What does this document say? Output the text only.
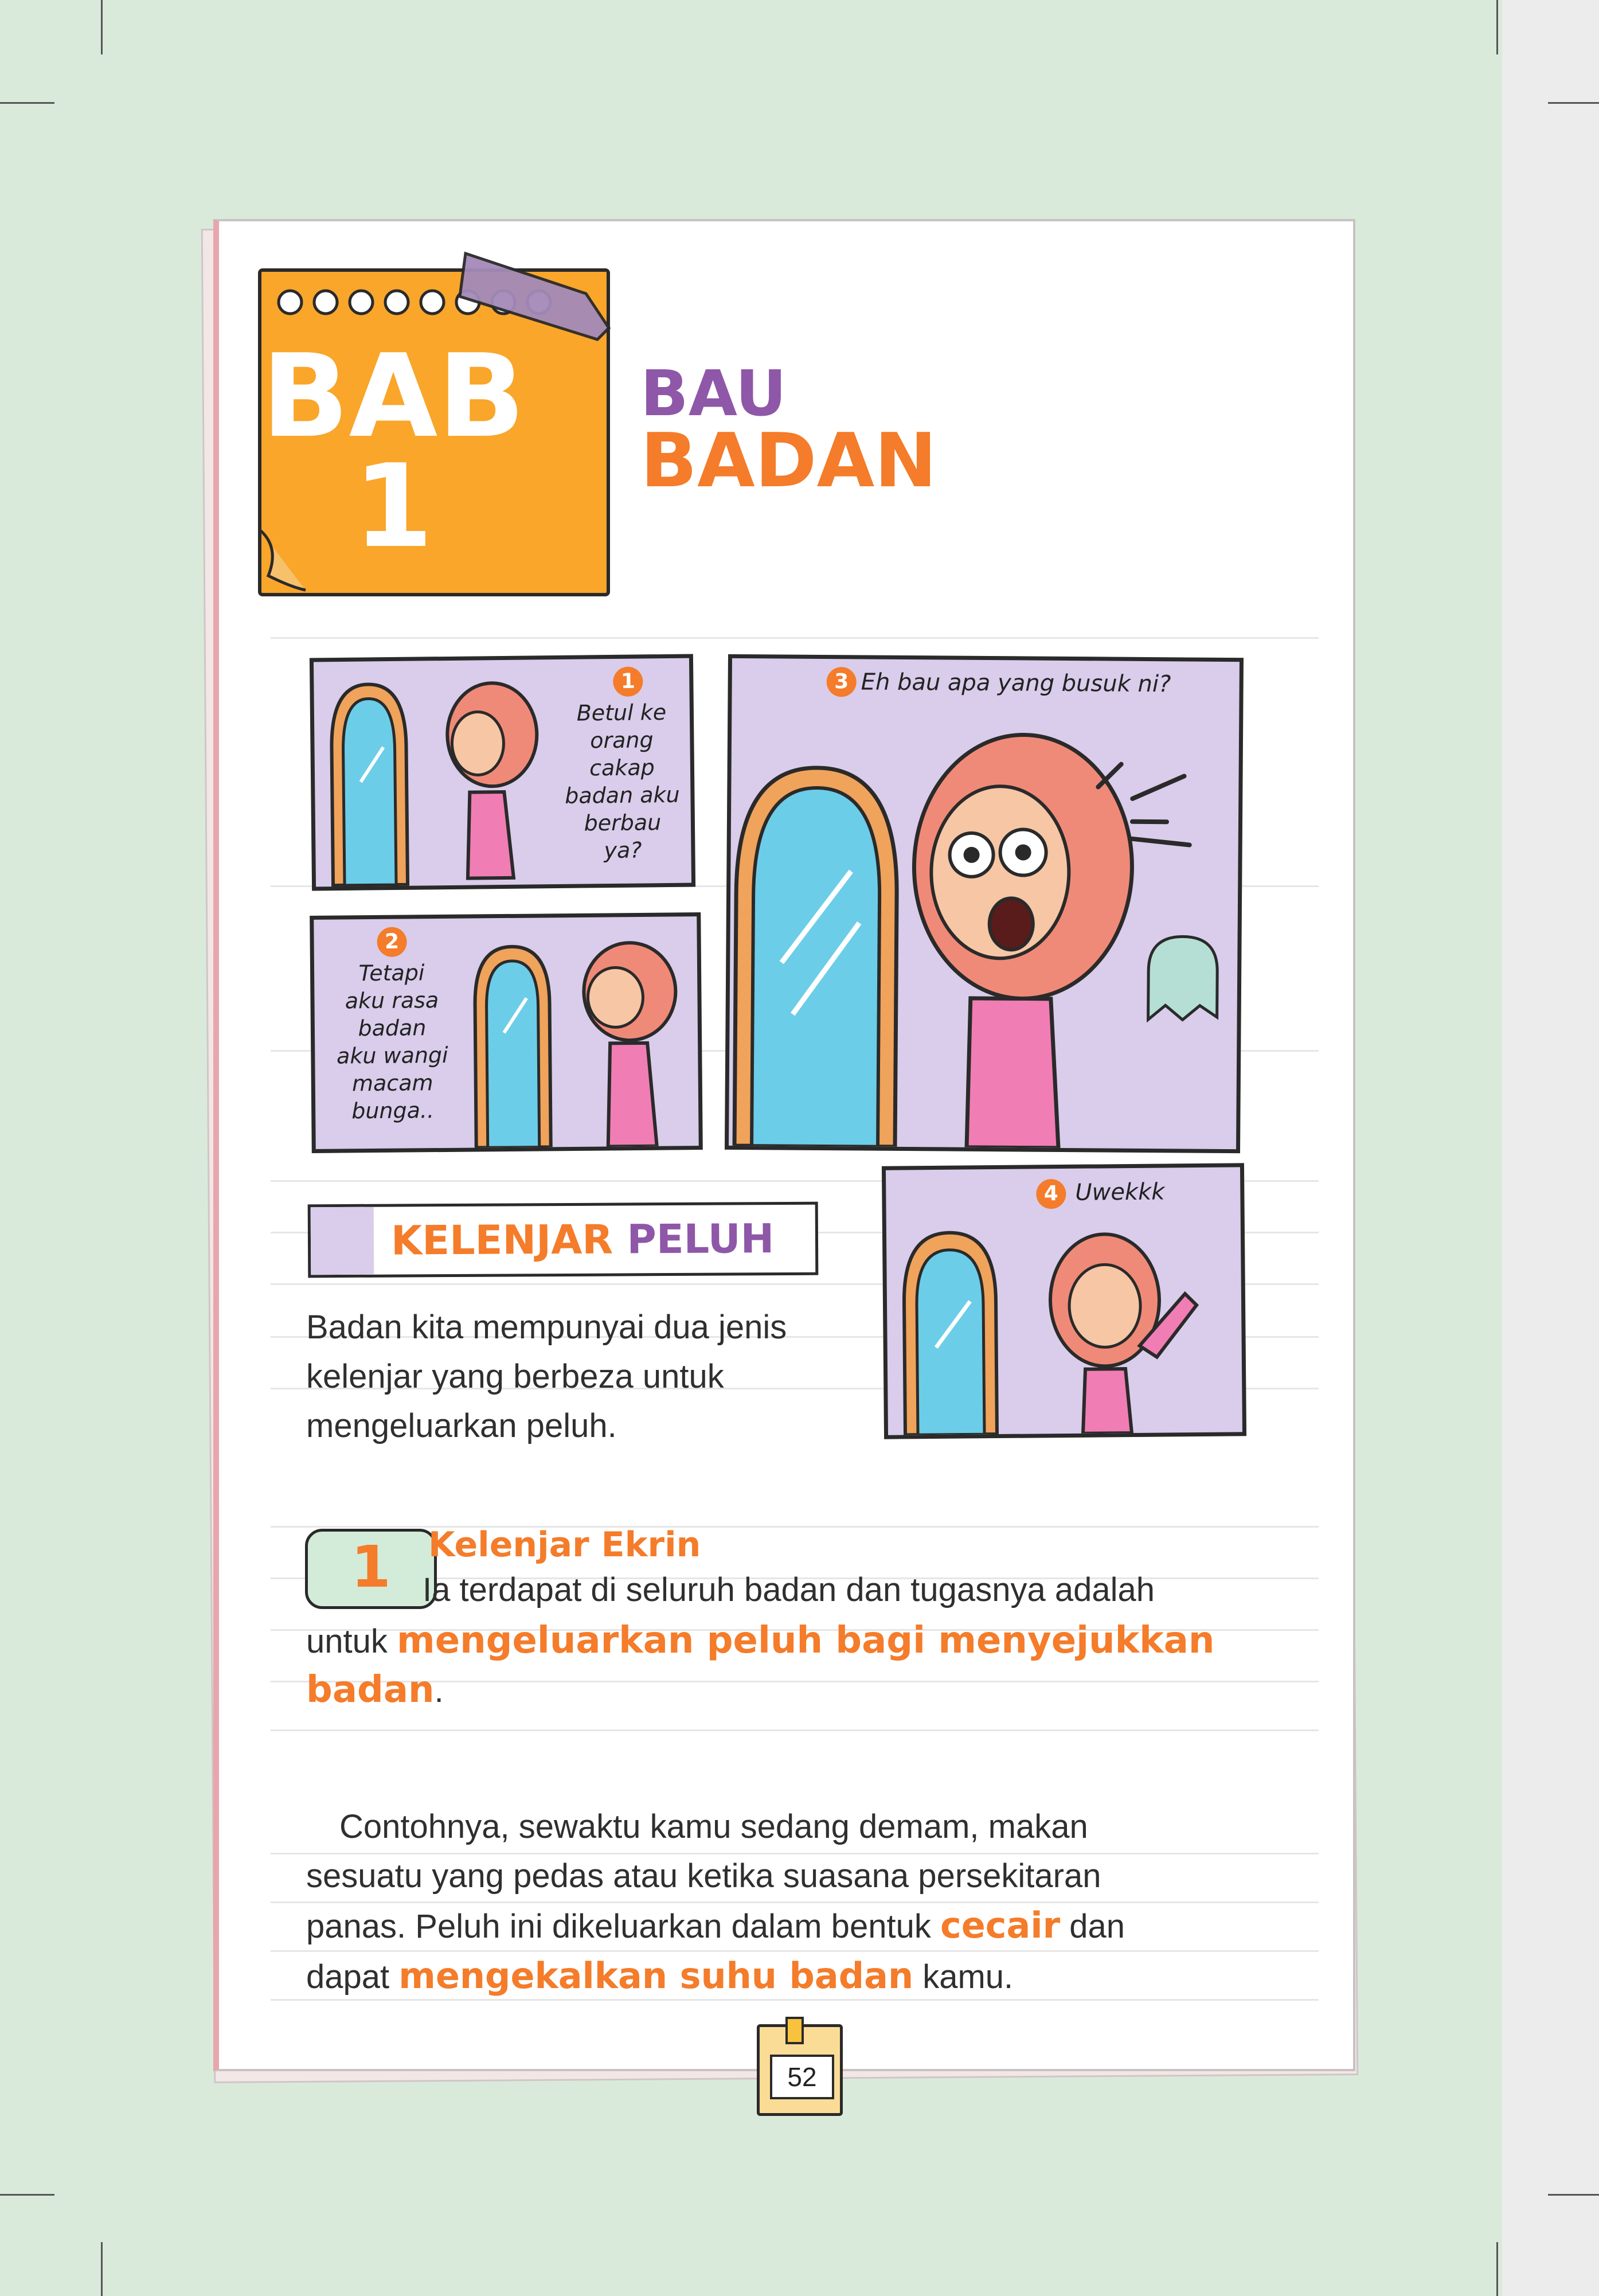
BAB
1
BAU
BADAN
1
Betul ke
orang
cakap
badan aku
berbau
ya?
2
Tetapi
aku rasa
badan
aku wangi
macam
bunga..
3 Eh bau apa yang busuk ni?
4 Uwekkk
KELENJAR PELUH
Badan kita mempunyai dua jenis
kelenjar yang berbeza untuk
mengeluarkan peluh.
1	Kelenjar Ekrin
Ia terdapat di seluruh badan dan tugasnya adalah
untuk mengeluarkan peluh bagi menyejukkan
badan.
Contohnya, sewaktu kamu sedang demam, makan
sesuatu yang pedas atau ketika suasana persekitaran
panas. Peluh ini dikeluarkan dalam bentuk cecair dan
dapat mengekalkan suhu badan kamu.
52
